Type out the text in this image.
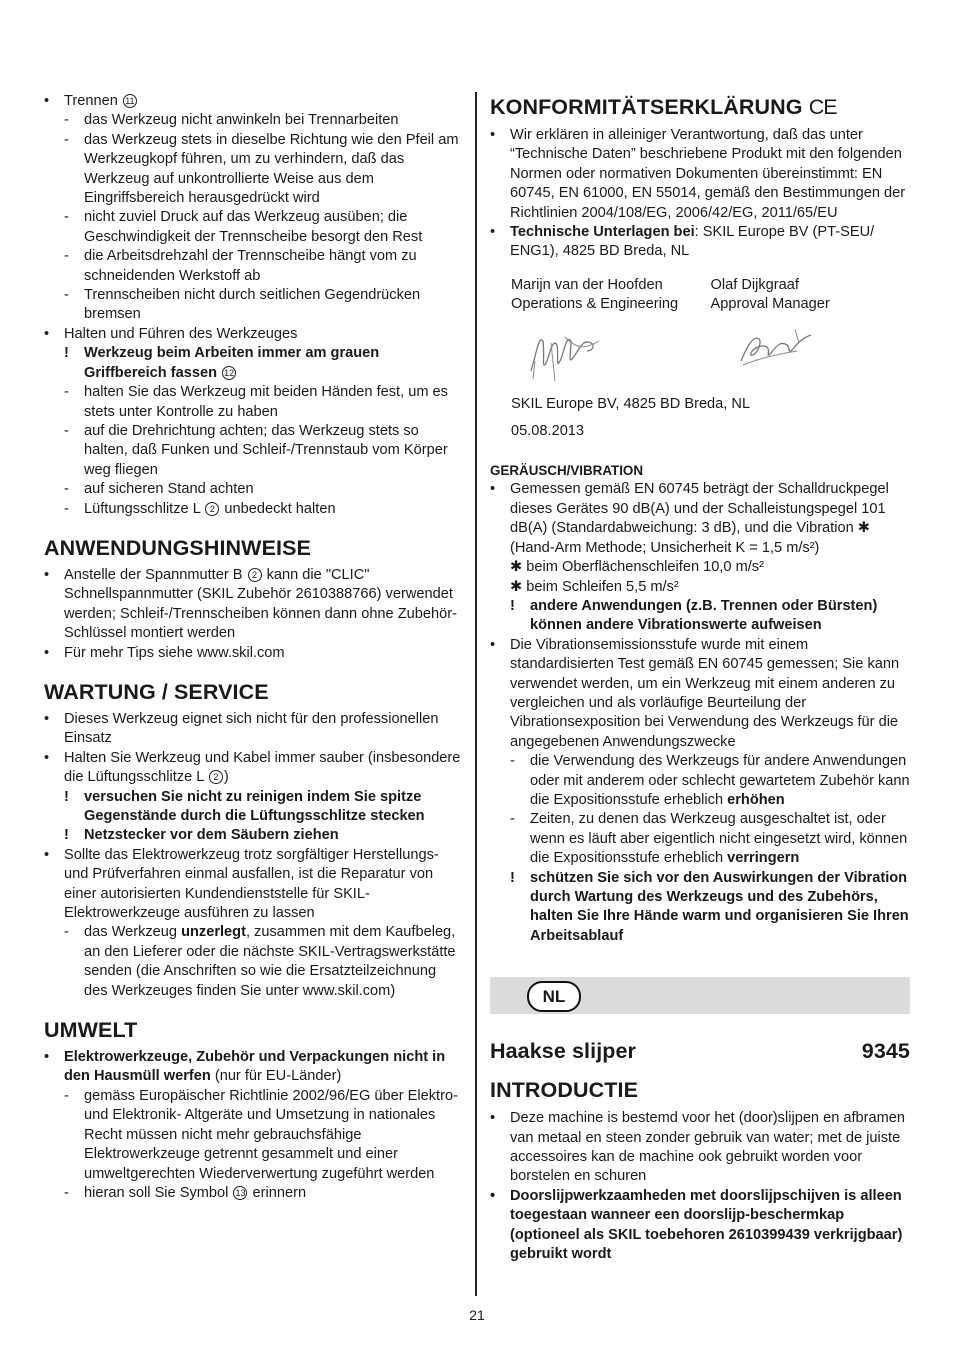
• Trennen 11
- das Werkzeug nicht anwinkeln bei Trennarbeiten
- das Werkzeug stets in dieselbe Richtung wie den Pfeil am Werkzeugkopf führen, um zu verhindern, daß das Werkzeug auf unkontrollierte Weise aus dem Eingriffsbereich herausgedrückt wird
- nicht zuviel Druck auf das Werkzeug ausüben; die Geschwindigkeit der Trennscheibe besorgt den Rest
- die Arbeitsdrehzahl der Trennscheibe hängt vom zu schneidenden Werkstoff ab
- Trennscheiben nicht durch seitlichen Gegendrücken bremsen
• Halten und Führen des Werkzeuges
! Werkzeug beim Arbeiten immer am grauen Griffbereich fassen 12
- halten Sie das Werkzeug mit beiden Händen fest, um es stets unter Kontrolle zu haben
- auf die Drehrichtung achten; das Werkzeug stets so halten, daß Funken und Schleif-/Trennstaub vom Körper weg fliegen
- auf sicheren Stand achten
- Lüftungsschlitze L 2 unbedeckt halten
ANWENDUNGSHINWEISE
• Anstelle der Spannmutter B 2 kann die "CLIC" Schnellspannmutter (SKIL Zubehör 2610388766) verwendet werden; Schleif-/Trennscheiben können dann ohne Zubehör-Schlüssel montiert werden
• Für mehr Tips siehe www.skil.com
WARTUNG / SERVICE
• Dieses Werkzeug eignet sich nicht für den professionellen Einsatz
• Halten Sie Werkzeug und Kabel immer sauber (insbesondere die Lüftungsschlitze L 2 )
! versuchen Sie nicht zu reinigen indem Sie spitze Gegenstände durch die Lüftungsschlitze stecken
! Netzstecker vor dem Säubern ziehen
• Sollte das Elektrowerkzeug trotz sorgfältiger Herstellungs- und Prüfverfahren einmal ausfallen, ist die Reparatur von einer autorisierten Kundendienststelle für SKIL-Elektrowerkzeuge ausführen zu lassen
- das Werkzeug unzerlegt, zusammen mit dem Kaufbeleg, an den Lieferer oder die nächste SKIL-Vertragswerkstätte senden (die Anschriften so wie die Ersatzteilzeichnung des Werkzeuges finden Sie unter www.skil.com)
UMWELT
• Elektrowerkzeuge, Zubehör und Verpackungen nicht in den Hausmüll werfen (nur für EU-Länder)
- gemäss Europäischer Richtlinie 2002/96/EG über Elektro- und Elektronik- Altgeräte und Umsetzung in nationales Recht müssen nicht mehr gebrauchsfähige Elektrowerkzeuge getrennt gesammelt und einer umweltgerechten Wiederverwertung zugeführt werden
- hieran soll Sie Symbol 13 erinnern
KONFORMITÄTSERKLÄRUNG CE
• Wir erklären in alleiniger Verantwortung, daß das unter “Technische Daten” beschriebene Produkt mit den folgenden Normen oder normativen Dokumenten übereinstimmt: EN 60745, EN 61000, EN 55014, gemäß den Bestimmungen der Richtlinien 2004/108/EG, 2006/42/EG, 2011/65/EU
• Technische Unterlagen bei: SKIL Europe BV (PT-SEU/ ENG1), 4825 BD Breda, NL
Marijn van der Hoofden
Operations & Engineering
Olaf Dijkgraaf
Approval Manager
SKIL Europe BV, 4825 BD Breda, NL
05.08.2013
GERÄUSCH/VIBRATION
• Gemessen gemäß EN 60745 beträgt der Schalldruckpegel dieses Gerätes 90 dB(A) und der Schalleistungspegel 101 dB(A) (Standardabweichung: 3 dB), und die Vibration ✱ (Hand-Arm Methode; Unsicherheit K = 1,5 m/s²)
✱ beim Oberflächenschleifen 10,0 m/s²
✱ beim Schleifen 5,5 m/s²
! andere Anwendungen (z.B. Trennen oder Bürsten) können andere Vibrationswerte aufweisen
• Die Vibrationsemissionsstufe wurde mit einem standardisierten Test gemäß EN 60745 gemessen; Sie kann verwendet werden, um ein Werkzeug mit einem anderen zu vergleichen und als vorläufige Beurteilung der Vibrationsexposition bei Verwendung des Werkzeugs für die angegebenen Anwendungszwecke
- die Verwendung des Werkzeugs für andere Anwendungen oder mit anderem oder schlecht gewartetem Zubehör kann die Expositionsstufe erheblich erhöhen
- Zeiten, zu denen das Werkzeug ausgeschaltet ist, oder wenn es läuft aber eigentlich nicht eingesetzt wird, können die Expositionsstufe erheblich verringern
! schützen Sie sich vor den Auswirkungen der Vibration durch Wartung des Werkzeugs und des Zubehörs, halten Sie Ihre Hände warm und organisieren Sie Ihren Arbeitsablauf
NL
Haakse slijper	9345
INTRODUCTIE
• Deze machine is bestemd voor het (door)slijpen en afbramen van metaal en steen zonder gebruik van water; met de juiste accessoires kan de machine ook gebruikt worden voor borstelen en schuren
• Doorslijpwerkzaamheden met doorslijpschijven is alleen toegestaan wanneer een doorslijp-beschermkap (optioneel als SKIL toebehoren 2610399439 verkrijgbaar) gebruikt wordt
21
